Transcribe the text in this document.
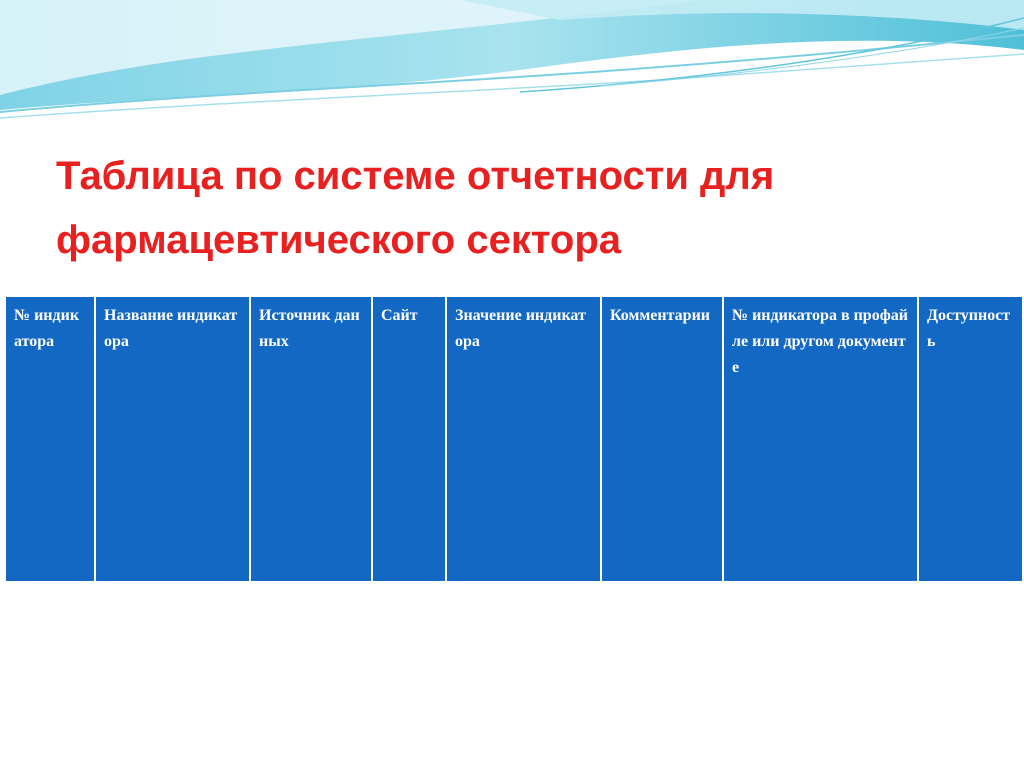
Таблица по системе отчетности для
фармацевтического сектора
№ индикатора	Название индикатора	Источник данных	Сайт	Значение индикатора	Комментарии	№ индикатора в профайле или другом документе	Доступность
